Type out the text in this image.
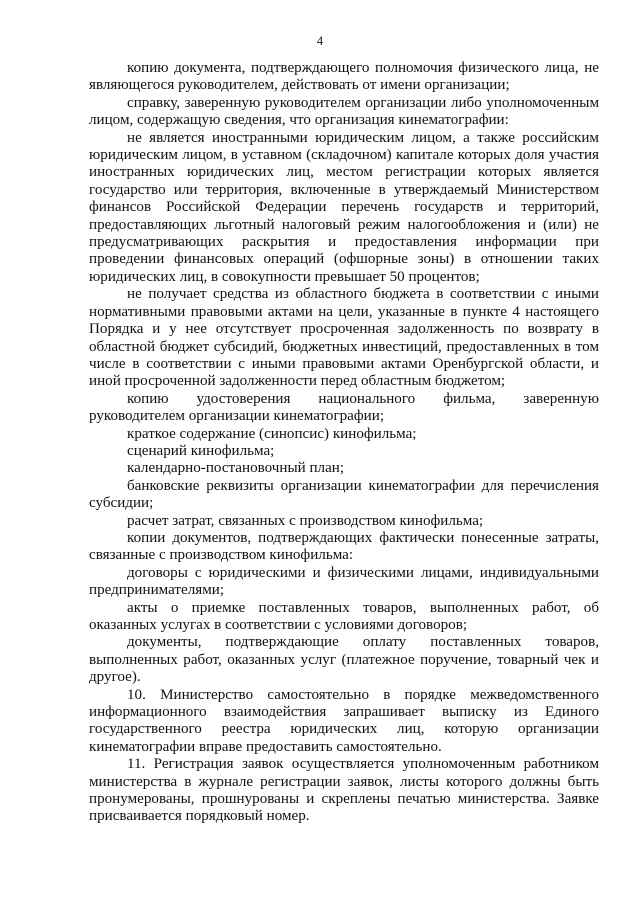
4

копию документа, подтверждающего полномочия физического лица, не являющегося руководителем, действовать от имени организации;

справку, заверенную руководителем организации либо уполномоченным лицом, содержащую сведения, что организация кинематографии:

не является иностранными юридическим лицом, а также российским юридическим лицом, в уставном (складочном) капитале которых доля участия иностранных юридических лиц, местом регистрации которых является государство или территория, включенные в утверждаемый Министерством финансов Российской Федерации перечень государств и территорий, предоставляющих льготный налоговый режим налогообложения и (или) не предусматривающих раскрытия и предоставления информации при проведении финансовых операций (офшорные зоны) в отношении таких юридических лиц, в совокупности превышает 50 процентов;

не получает средства из областного бюджета в соответствии с иными нормативными правовыми актами на цели, указанные в пункте 4 настоящего Порядка и у нее отсутствует просроченная задолженность по возврату в областной бюджет субсидий, бюджетных инвестиций, предоставленных в том числе в соответствии с иными правовыми актами Оренбургской области, и иной просроченной задолженности перед областным бюджетом;

копию удостоверения национального фильма, заверенную руководителем организации кинематографии;

краткое содержание (синопсис) кинофильма;

сценарий кинофильма;

календарно-постановочный план;

банковские реквизиты организации кинематографии для перечисления субсидии;

расчет затрат, связанных с производством кинофильма;

копии документов, подтверждающих фактически понесенные затраты, связанные с производством кинофильма:

договоры с юридическими и физическими лицами, индивидуальными предпринимателями;

акты о приемке поставленных товаров, выполненных работ, об оказанных услугах в соответствии с условиями договоров;

документы, подтверждающие оплату поставленных товаров, выполненных работ, оказанных услуг (платежное поручение, товарный чек и другое).

10. Министерство самостоятельно в порядке межведомственного информационного взаимодействия запрашивает выписку из Единого государственного реестра юридических лиц, которую организации кинематографии вправе предоставить самостоятельно.

11. Регистрация заявок осуществляется уполномоченным работником министерства в журнале регистрации заявок, листы которого должны быть пронумерованы, прошнурованы и скреплены печатью министерства. Заявке присваивается порядковый номер.
